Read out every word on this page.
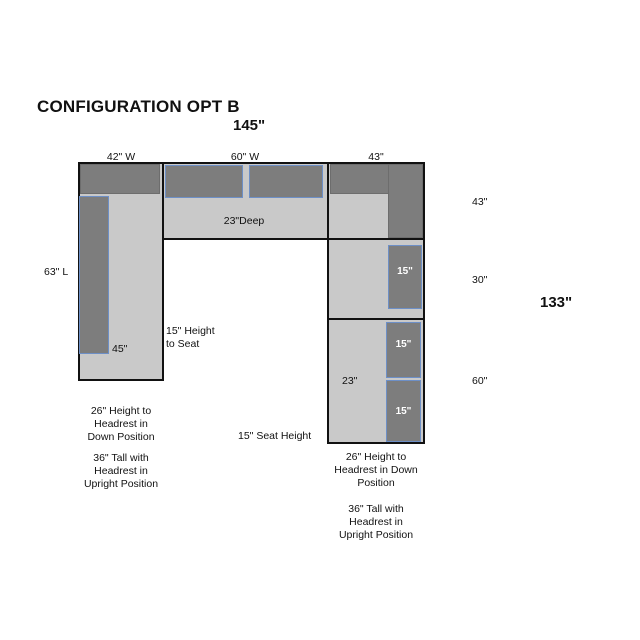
CONFIGURATION OPT B
145"
133"
15"
15"
15"
42" W	60" W	43"
63" L
45"
23"Deep
43"
30"
60"
23"
15" Height
to Seat
15" Seat Height
26" Height to
Headrest in
Down Position
36" Tall with
Headrest in
Upright Position
26" Height to
Headrest in Down
Position
36" Tall with
Headrest in
Upright Position
